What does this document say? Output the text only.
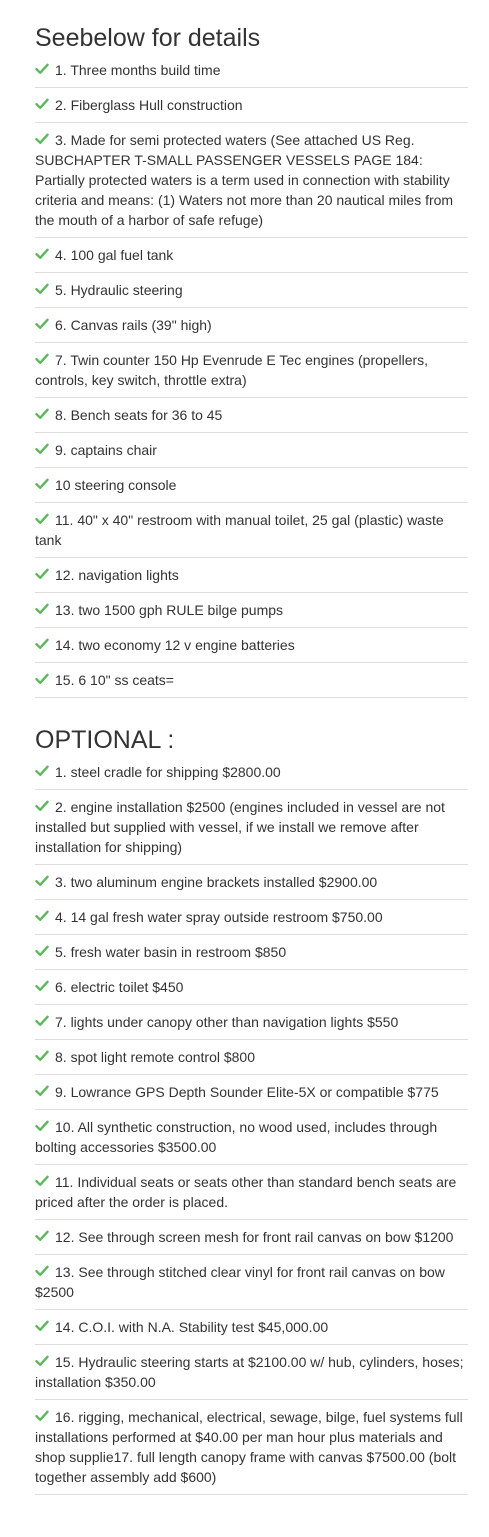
Seebelow for details
1. Three months build time
2. Fiberglass Hull construction
3. Made for semi protected waters (See attached US Reg. SUBCHAPTER T-SMALL PASSENGER VESSELS PAGE 184: Partially protected waters is a term used in connection with stability criteria and means: (1) Waters not more than 20 nautical miles from the mouth of a harbor of safe refuge)
4. 100 gal fuel tank
5. Hydraulic steering
6. Canvas rails (39" high)
7. Twin counter 150 Hp Evenrude E Tec engines (propellers, controls, key switch, throttle extra)
8. Bench seats for 36 to 45
9. captains chair
10 steering console
11. 40" x 40" restroom with manual toilet, 25 gal (plastic) waste tank
12. navigation lights
13. two 1500 gph RULE bilge pumps
14. two economy 12 v engine batteries
15. 6 10" ss ceats=
OPTIONAL :
1. steel cradle for shipping $2800.00
2. engine installation $2500 (engines included in vessel are not installed but supplied with vessel, if we install we remove after installation for shipping)
3. two aluminum engine brackets installed $2900.00
4. 14 gal fresh water spray outside restroom $750.00
5. fresh water basin in restroom $850
6. electric toilet $450
7. lights under canopy other than navigation lights $550
8. spot light remote control $800
9. Lowrance GPS Depth Sounder Elite-5X or compatible $775
10. All synthetic construction, no wood used, includes through bolting accessories $3500.00
11. Individual seats or seats other than standard bench seats are priced after the order is placed.
12. See through screen mesh for front rail canvas on bow $1200
13. See through stitched clear vinyl for front rail canvas on bow $2500
14. C.O.I. with N.A. Stability test $45,000.00
15. Hydraulic steering starts at $2100.00 w/ hub, cylinders, hoses; installation $350.00
16. rigging, mechanical, electrical, sewage, bilge, fuel systems full installations performed at $40.00 per man hour plus materials and shop supplie17. full length canopy frame with canvas $7500.00 (bolt together assembly add $600)
